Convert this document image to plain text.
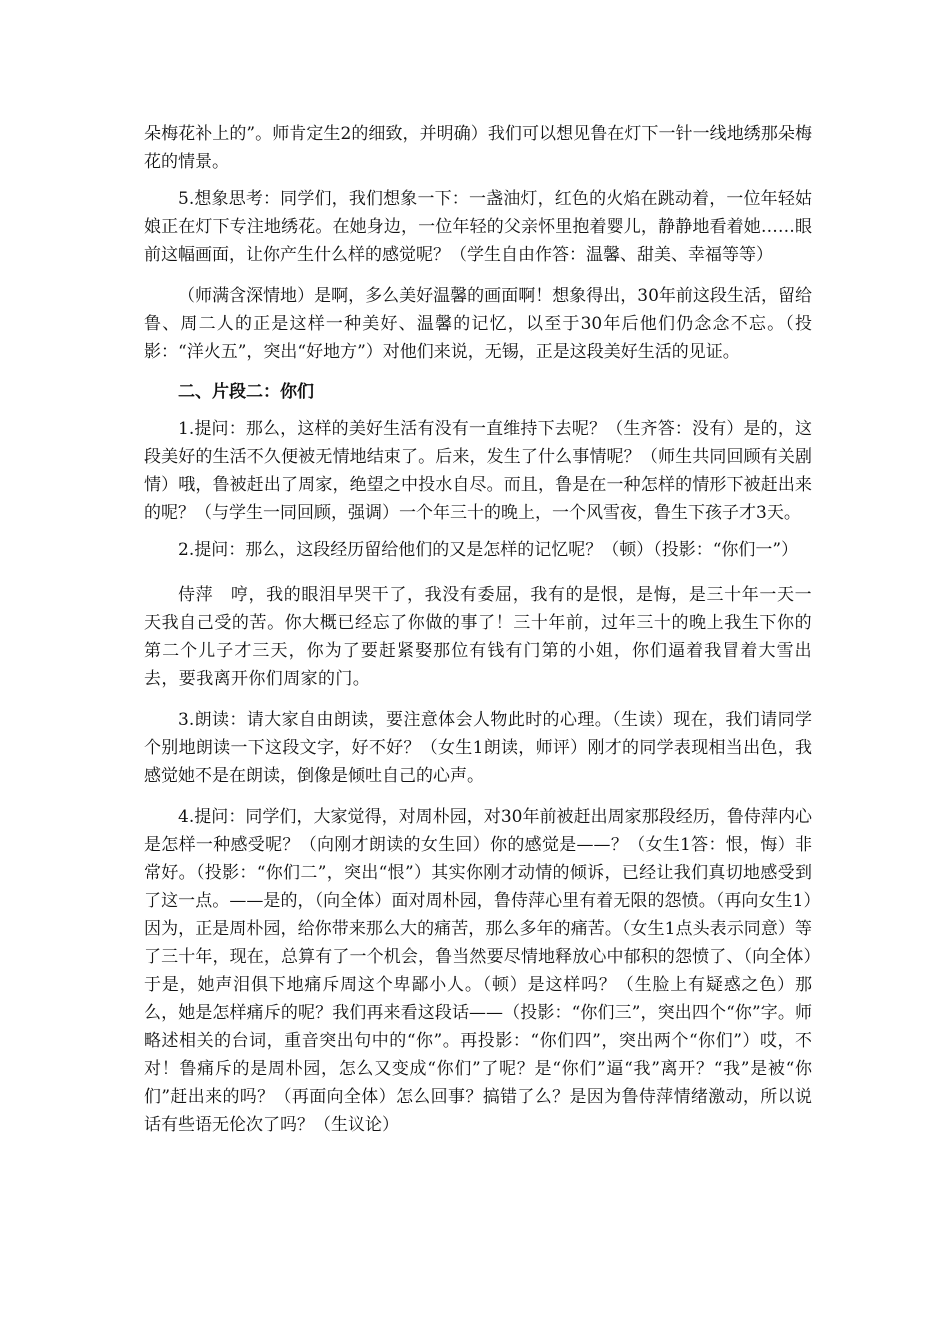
朵梅花补上的”。师肯定生2的细致，并明确）我们可以想见鲁在灯下一针一线地绣那朵梅花的情景。

5.想象思考：同学们，我们想象一下：一盏油灯，红色的火焰在跳动着，一位年轻姑娘正在灯下专注地绣花。在她身边，一位年轻的父亲怀里抱着婴儿，静静地看着她……眼前这幅画面，让你产生什么样的感觉呢？（学生自由作答：温馨、甜美、幸福等等）

（师满含深情地）是啊，多么美好温馨的画面啊！想象得出，30年前这段生活，留给鲁、周二人的正是这样一种美好、温馨的记忆，以至于30年后他们仍念念不忘。（投影：“洋火五”，突出“好地方”）对他们来说，无锡，正是这段美好生活的见证。

二、片段二：你们

1.提问：那么，这样的美好生活有没有一直维持下去呢？（生齐答：没有）是的，这段美好的生活不久便被无情地结束了。后来，发生了什么事情呢？（师生共同回顾有关剧情）哦，鲁被赶出了周家，绝望之中投水自尽。而且，鲁是在一种怎样的情形下被赶出来的呢？（与学生一同回顾，强调）一个年三十的晚上，一个风雪夜，鲁生下孩子才3天。

2.提问：那么，这段经历留给他们的又是怎样的记忆呢？（顿）（投影：“你们一”）

侍萍　哼，我的眼泪早哭干了，我没有委屈，我有的是恨，是悔，是三十年一天一天我自己受的苦。你大概已经忘了你做的事了！三十年前，过年三十的晚上我生下你的第二个儿子才三天，你为了要赶紧娶那位有钱有门第的小姐，你们逼着我冒着大雪出去，要我离开你们周家的门。

3.朗读：请大家自由朗读，要注意体会人物此时的心理。（生读）现在，我们请同学个别地朗读一下这段文字，好不好？（女生1朗读，师评）刚才的同学表现相当出色，我感觉她不是在朗读，倒像是倾吐自己的心声。

4.提问：同学们，大家觉得，对周朴园，对30年前被赶出周家那段经历，鲁侍萍内心是怎样一种感受呢？（向刚才朗读的女生回）你的感觉是——？（女生1答：恨，悔）非常好。（投影：“你们二”，突出“恨”）其实你刚才动情的倾诉，已经让我们真切地感受到了这一点。——是的，（向全体）面对周朴园，鲁侍萍心里有着无限的怨愤。（再向女生1）因为，正是周朴园，给你带来那么大的痛苦，那么多年的痛苦。（女生1点头表示同意）等了三十年，现在，总算有了一个机会，鲁当然要尽情地释放心中郁积的怨愤了、（向全体）于是，她声泪俱下地痛斥周这个卑鄙小人。（顿）是这样吗？（生脸上有疑惑之色）那么，她是怎样痛斥的呢？我们再来看这段话——（投影：“你们三”，突出四个“你”字。师略述相关的台词，重音突出句中的“你”。再投影：“你们四”，突出两个“你们”）哎，不对！鲁痛斥的是周朴园，怎么又变成“你们”了呢？是“你们”逼“我”离开？“我”是被“你们”赶出来的吗？（再面向全体）怎么回事？搞错了么？是因为鲁侍萍情绪激动，所以说话有些语无伦次了吗？（生议论）
